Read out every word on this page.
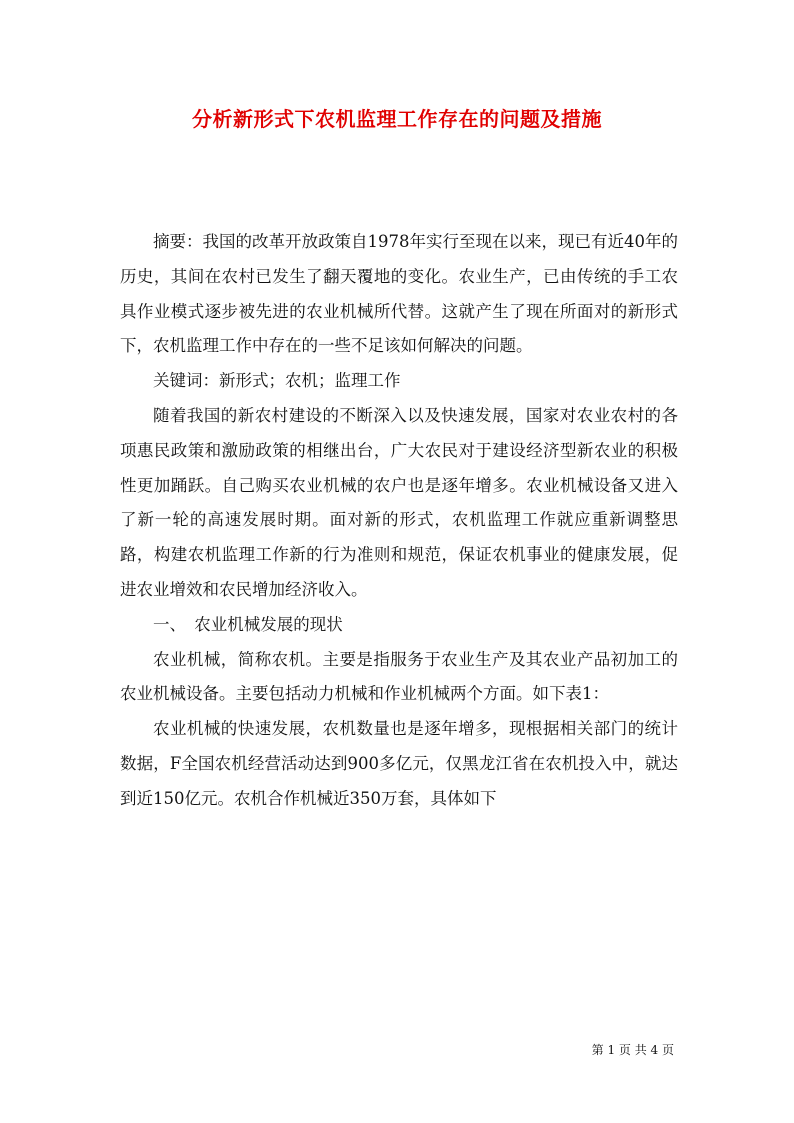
分析新形式下农机监理工作存在的问题及措施

摘要：我国的改革开放政策自1978年实行至现在以来，现已有近40年的历史，其间在农村已发生了翻天覆地的变化。农业生产，已由传统的手工农具作业模式逐步被先进的农业机械所代替。这就产生了现在所面对的新形式下，农机监理工作中存在的一些不足该如何解决的问题。

关键词：新形式；农机；监理工作

随着我国的新农村建设的不断深入以及快速发展，国家对农业农村的各项惠民政策和激励政策的相继出台，广大农民对于建设经济型新农业的积极性更加踊跃。自己购买农业机械的农户也是逐年增多。农业机械设备又进入了新一轮的高速发展时期。面对新的形式，农机监理工作就应重新调整思路，构建农机监理工作新的行为准则和规范，保证农机事业的健康发展，促进农业增效和农民增加经济收入。

一、　农业机械发展的现状

农业机械，简称农机。主要是指服务于农业生产及其农业产品初加工的农业机械设备。主要包括动力机械和作业机械两个方面。如下表1：

农业机械的快速发展，农机数量也是逐年增多，现根据相关部门的统计数据，F全国农机经营活动达到900多亿元，仅黑龙江省在农机投入中，就达到近150亿元。农机合作机械近350万套，具体如下

第 1 页 共 4 页
